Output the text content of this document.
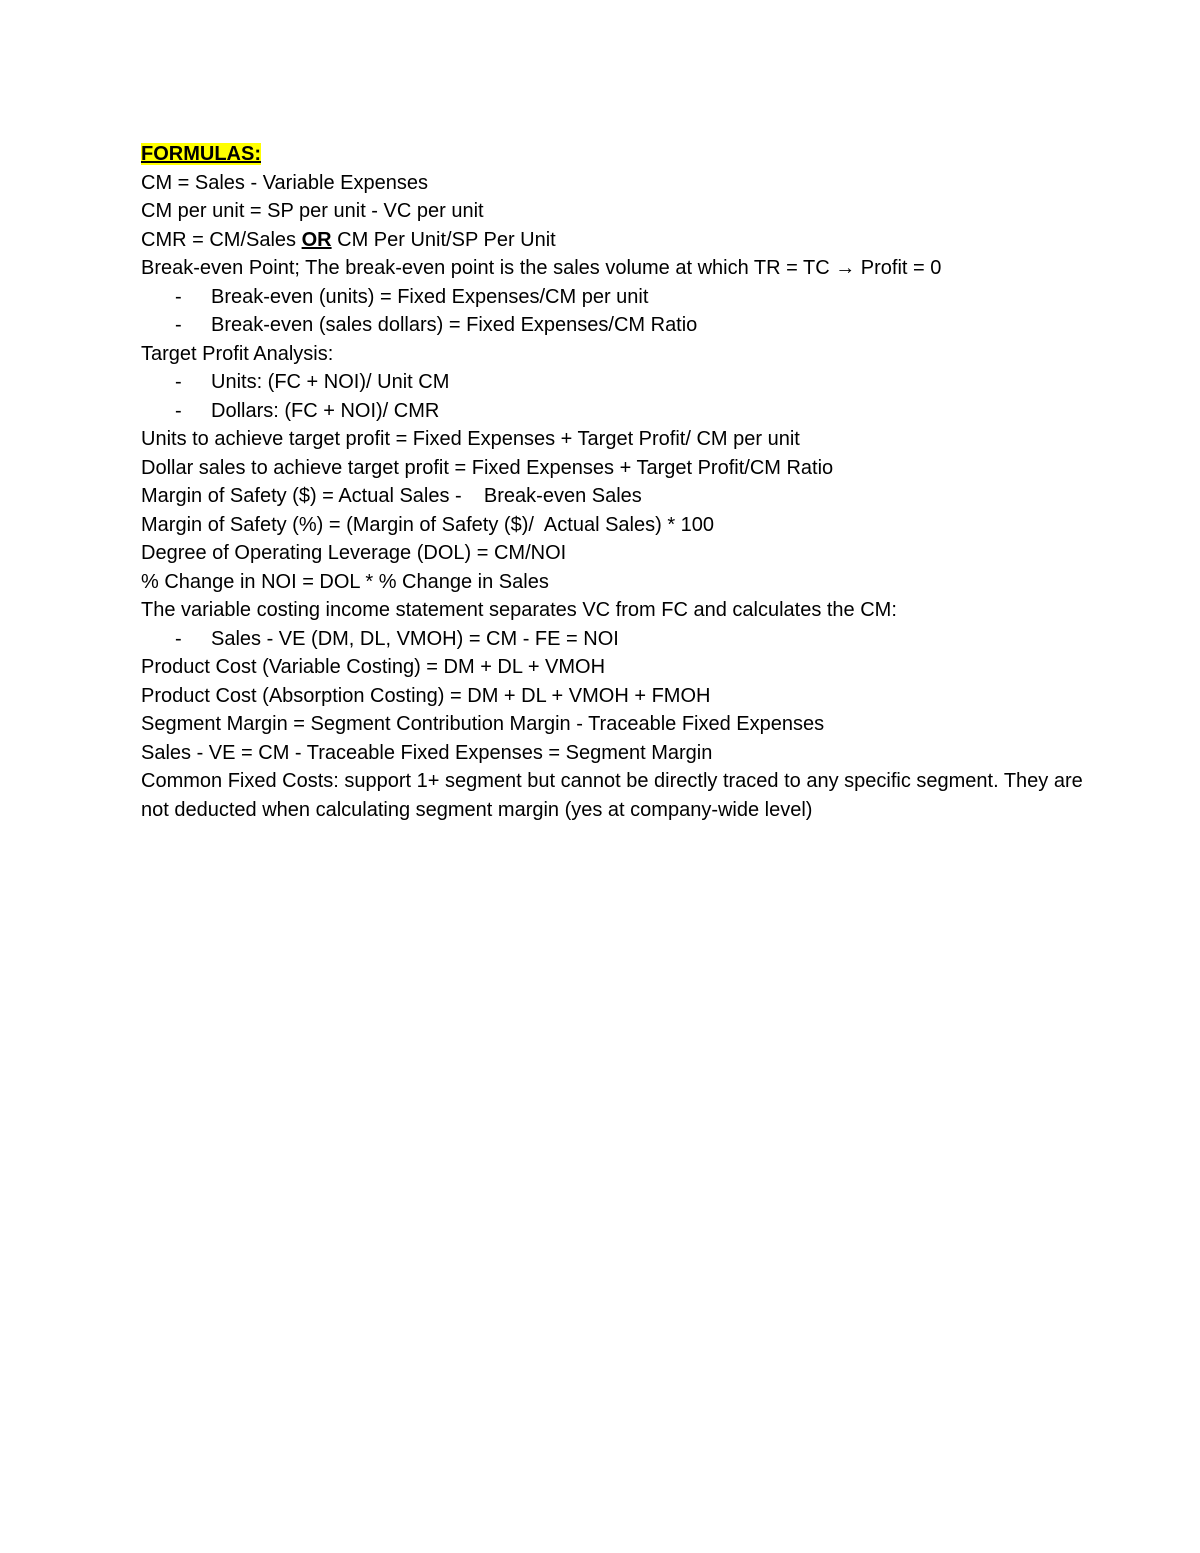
FORMULAS:
CM = Sales - Variable Expenses
CM per unit = SP per unit - VC per unit
CMR = CM/Sales OR CM Per Unit/SP Per Unit
Break-even Point; The break-even point is the sales volume at which TR = TC → Profit = 0
- Break-even (units) = Fixed Expenses/CM per unit
- Break-even (sales dollars) = Fixed Expenses/CM Ratio
Target Profit Analysis:
- Units: (FC + NOI)/ Unit CM
- Dollars: (FC + NOI)/ CMR
Units to achieve target profit = Fixed Expenses + Target Profit/ CM per unit
Dollar sales to achieve target profit = Fixed Expenses + Target Profit/CM Ratio
Margin of Safety ($) = Actual Sales -    Break-even Sales
Margin of Safety (%) = (Margin of Safety ($)/  Actual Sales) * 100
Degree of Operating Leverage (DOL) = CM/NOI
% Change in NOI = DOL * % Change in Sales
The variable costing income statement separates VC from FC and calculates the CM:
- Sales - VE (DM, DL, VMOH) = CM - FE = NOI
Product Cost (Variable Costing) = DM + DL + VMOH
Product Cost (Absorption Costing) = DM + DL + VMOH + FMOH
Segment Margin = Segment Contribution Margin - Traceable Fixed Expenses
Sales - VE = CM - Traceable Fixed Expenses = Segment Margin
Common Fixed Costs: support 1+ segment but cannot be directly traced to any specific segment. They are not deducted when calculating segment margin (yes at company-wide level)
